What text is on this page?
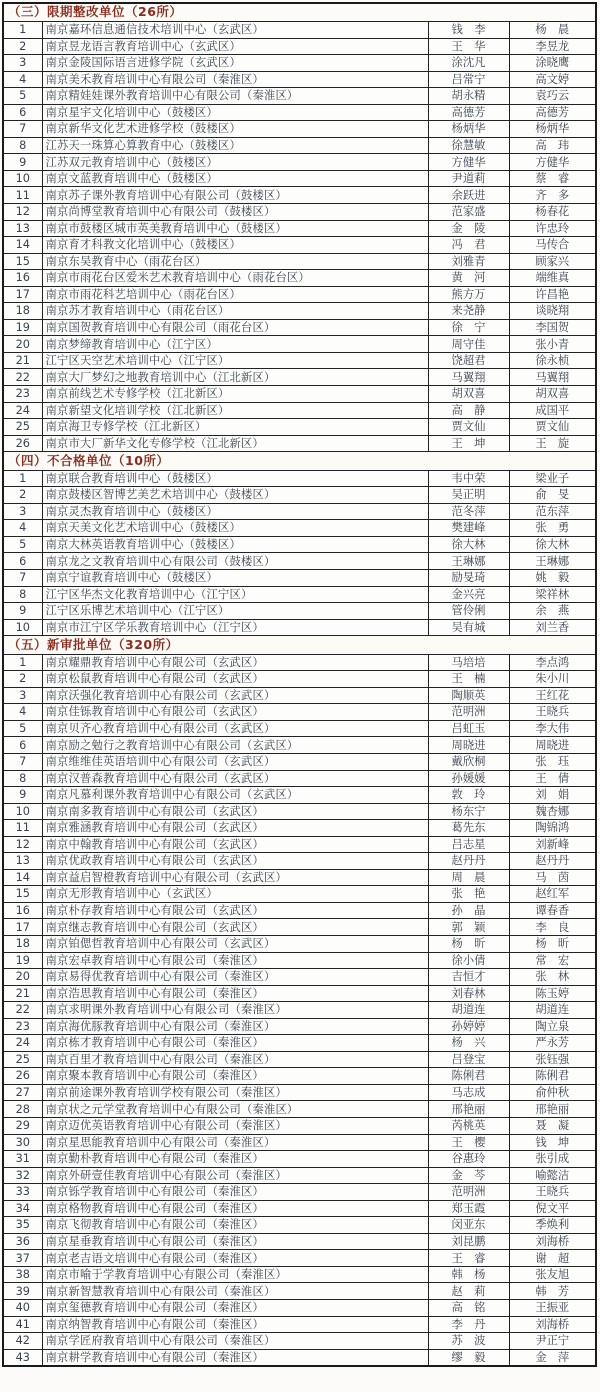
（三）限期整改单位（26所）			
1	南京嘉环信息通信技术培训中心（玄武区）	钱　李	杨　晨
2	南京昱龙语言教育培训中心（玄武区）	王　华	李昱龙
3	南京金陵国际语言进修学院（玄武区）	涂沈凡	涂晓鹰
4	南京美禾教育培训中心有限公司（秦淮区）	吕常宁	高文婷
5	南京精娃娃课外教育培训中心有限公司（秦淮区）	胡永精	袁巧云
6	南京星宇文化培训中心（鼓楼区）	高德芳	高德芳
7	南京新华文化艺术进修学校（鼓楼区）	杨炳华	杨炳华
8	江苏天一珠算心算教育中心（鼓楼区）	徐慧敏	高　玮
9	江苏双元教育培训中心（鼓楼区）	方健华	方健华
10	南京文蓝教育培训中心（鼓楼区）	尹道莉	蔡　睿
11	南京苏子课外教育培训中心有限公司（鼓楼区）	余跃进	齐　多
12	南京尚博堂教育培训中心有限公司（鼓楼区）	范家盛	杨春花
13	南京市鼓楼区城市英美教育培训中心（鼓楼区）	金　陵	许忠玲
14	南京育才科教文化培训中心（鼓楼区）	冯　君	马传合
15	南京东吴教育中心（雨花台区）	刘雅青	顾家兴
16	南京市雨花台区爱米艺术教育培训中心（雨花台区）	黄　河	端维真
17	南京市雨花科艺培训中心（雨花台区）	熊方万	许昌艳
18	南京苏才教育培训中心（雨花台区）	来尧静	谈晓翔
19	南京国贺教育培训中心有限公司（雨花台区）	徐　宁	李国贺
20	南京梦缔教育培训中心（江宁区）	周守佳	张小青
21	江宁区天空艺术培训中心（江宁区）	饶超君	徐永桢
22	南京大厂梦幻之地教育培训中心（江北新区）	马翼翔	马翼翔
23	南京前线艺术专修学校（江北新区）	胡双喜	胡双喜
24	南京新望文化培训学校（江北新区）	高　静	成国平
25	南京海卫专修学校（江北新区）	贾文仙	贾文仙
26	南京市大厂新华文化专修学校（江北新区）	王　坤	王　旋
（四）不合格单位（10所）			
1	南京联合教育培训中心（鼓楼区）	韦中荣	梁业子
2	南京鼓楼区智博艺美艺术培训中心（鼓楼区）	吴正明	俞　旻
3	南京灵杰教育培训中心（鼓楼区）	范冬萍	范东萍
4	南京天美文化艺术培训中心（鼓楼区）	樊建峰	张　勇
5	南京大林英语教育培训中心（鼓楼区）	徐大林	徐大林
6	南京龙之文教育培训中心有限公司（鼓楼区）	王琳娜	王琳娜
7	南京宁谊教育培训中心（鼓楼区）	励旻琦	姚　毅
8	江宁区华杰文化教育培训中心（江宁区）	金兴亮	梁祥林
9	江宁区乐博艺术培训中心（江宁区）	管伶俐	余　燕
10	南京市江宁区学乐教育培训中心（江宁区）	吴有城	刘兰香
（五）新审批单位（320所）			
1	南京耀鼎教育培训中心有限公司（玄武区）	马培培	李点鸿
2	南京松鼠教育培训中心有限公司（玄武区）	王　楠	朱小川
3	南京沃强化教育培训中心有限公司（玄武区）	陶顺英	王红花
4	南京佳铄教育培训中心有限公司（玄武区）	范明洲	王晓兵
5	南京贝齐心教育培训中心有限公司（玄武区）	吕虹玉	李大伟
6	南京励之勉行之教育培训中心有限公司（玄武区）	周晓进	周晓进
7	南京维维佳英语培训中心有限公司（玄武区）	戴欣桐	张　珏
8	南京汉普森教育培训中心有限公司（玄武区）	孙媛媛	王　倩
9	南京凡慕利课外教育培训中心有限公司（玄武区）	敦　玲	刘　娟
10	南京南多教育培训中心有限公司（玄武区）	杨东宁	魏杏娜
11	南京雅涵教育培训中心有限公司（玄武区）	葛先东	陶锦鸿
12	南京中翰教育培训中心有限公司（玄武区）	吕志星	刘新峰
13	南京优政教育培训中心有限公司（玄武区）	赵丹丹	赵丹丹
14	南京益启智橙教育培训中心有限公司（玄武区）	周　晨	马　茵
15	南京无形教育培训中心（玄武区）	张　艳	赵红军
16	南京朴存教育培训中心有限公司（玄武区）	孙　晶	谭春香
17	南京继志教育培训中心有限公司（玄武区）	郭　颖	李　良
18	南京铂偲哲教育培训中心有限公司（玄武区）	杨　昕	杨　昕
19	南京宏卓教育培训中心有限公司（秦淮区）	徐小倩	常　宏
20	南京易得优教育培训中心有限公司（秦淮区）	吉恒才	张　林
21	南京浩思教育培训中心有限公司（秦淮区）	刘春林	陈玉婷
22	南京求明课外教育培训中心有限公司（秦淮区）	胡道连	胡道连
23	南京海优豚教育培训中心有限公司（秦淮区）	孙婷婷	陶立泉
24	南京栋才教育培训中心有限公司（秦淮区）	杨　兴	严永芳
25	南京百里才教育培训中心有限公司（秦淮区）	吕登宝	张钰强
26	南京聚本教育培训中心有限公司（秦淮区）	陈俐君	陈俐君
27	南京前途课外教育培训学校有限公司（秦淮区）	马志成	俞仲秋
28	南京状之元学堂教育培训中心有限公司（秦淮区）	邢艳丽	邢艳丽
29	南京迈优英语教育培训中心有限公司（秦淮区）	芮桃英	聂　凝
30	南京星思能教育培训中心有限公司（秦淮区）	王　樱	钱　坤
31	南京勤朴教育培训中心有限公司（秦淮区）	谷惠玲	张引成
32	南京外研壹佳教育培训中心有限公司（秦淮区）	金　芩	喻懿洁
33	南京铄学教育培训中心有限公司（秦淮区）	范明洲	王晓兵
34	南京格物教育培训中心有限公司（秦淮区）	郑玉霞	倪文平
35	南京飞彻教育培训中心有限公司（秦淮区）	闵亚东	季焕利
36	南京星垂教育培训中心有限公司（秦淮区）	刘昆鹏	刘海桥
37	南京老吉语文培训中心有限公司（秦淮区）	王　睿	谢　超
38	南京市喻于学教育培训中心有限公司（秦淮区）	韩　杨	张友旭
39	南京新智慧教育培训中心有限公司（秦淮区）	赵　莉	韩　芳
40	南京玺德教育培训中心有限公司（秦淮区）	高　铭	王振亚
41	南京纳智教育培训中心有限公司（秦淮区）	李　丹	刘海桥
42	南京学匠府教育培训中心有限公司（秦淮区）	苏　波	尹正宁
43	南京耕学教育培训中心有限公司（秦淮区）	缪　毅	金　萍
